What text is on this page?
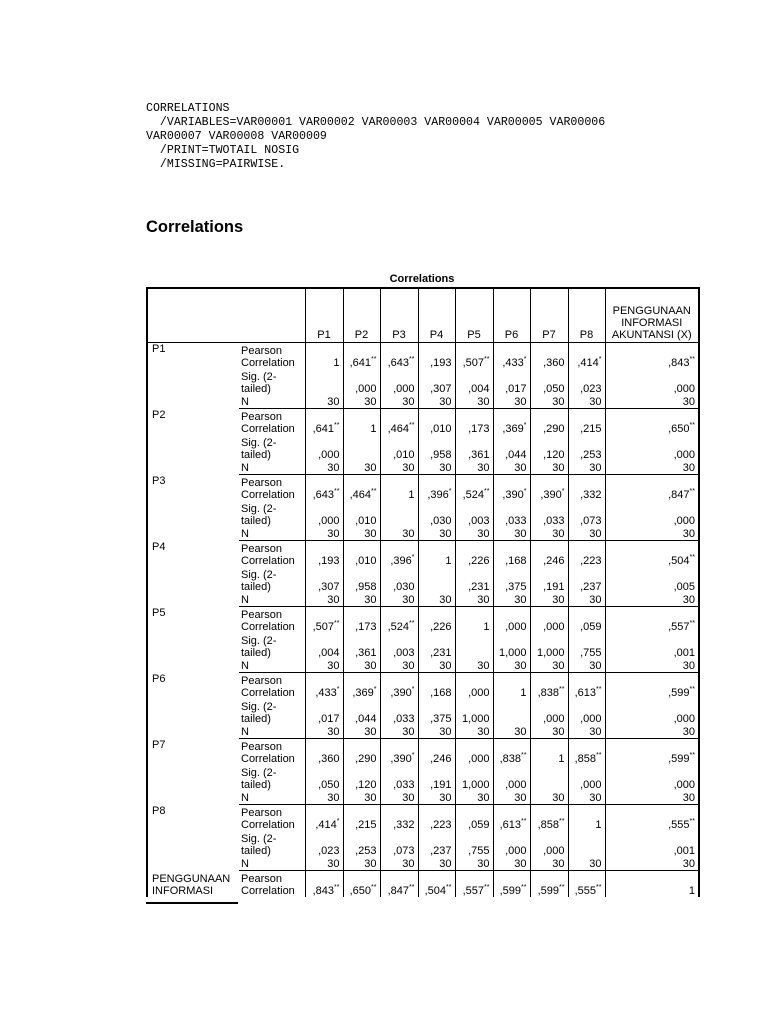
CORRELATIONS
/VARIABLES=VAR00001 VAR00002 VAR00003 VAR00004 VAR00005 VAR00006
VAR00007 VAR00008 VAR00009
/PRINT=TWOTAIL NOSIG
/MISSING=PAIRWISE.
Correlations
Correlations
		P1	P2	P3	P4	P5	P6	P7	P8	PENGGUNAAN INFORMASI AKUNTANSI (X)
P1	Pearson Correlation	1	,641**	,643**	,193	,507**	,433*	,360	,414*	,843**
	Sig. (2-tailed)		,000	,000	,307	,004	,017	,050	,023	,000
	N	30	30	30	30	30	30	30	30	30
P2	Pearson Correlation	,641**	1	,464**	,010	,173	,369*	,290	,215	,650**
	Sig. (2-tailed)	,000		,010	,958	,361	,044	,120	,253	,000
	N	30	30	30	30	30	30	30	30	30
P3	Pearson Correlation	,643**	,464**	1	,396*	,524**	,390*	,390*	,332	,847**
	Sig. (2-tailed)	,000	,010		,030	,003	,033	,033	,073	,000
	N	30	30	30	30	30	30	30	30	30
P4	Pearson Correlation	,193	,010	,396*	1	,226	,168	,246	,223	,504**
	Sig. (2-tailed)	,307	,958	,030		,231	,375	,191	,237	,005
	N	30	30	30	30	30	30	30	30	30
P5	Pearson Correlation	,507**	,173	,524**	,226	1	,000	,000	,059	,557**
	Sig. (2-tailed)	,004	,361	,003	,231		1,000	1,000	,755	,001
	N	30	30	30	30	30	30	30	30	30
P6	Pearson Correlation	,433*	,369*	,390*	,168	,000	1	,838**	,613**	,599**
	Sig. (2-tailed)	,017	,044	,033	,375	1,000		,000	,000	,000
	N	30	30	30	30	30	30	30	30	30
P7	Pearson Correlation	,360	,290	,390*	,246	,000	,838**	1	,858**	,599**
	Sig. (2-tailed)	,050	,120	,033	,191	1,000	,000		,000	,000
	N	30	30	30	30	30	30	30	30	30
P8	Pearson Correlation	,414*	,215	,332	,223	,059	,613**	,858**	1	,555**
	Sig. (2-tailed)	,023	,253	,073	,237	,755	,000	,000		,001
	N	30	30	30	30	30	30	30	30	30
PENGGUNAAN INFORMASI	Pearson Correlation	,843**	,650**	,847**	,504**	,557**	,599**	,599**	,555**	1
